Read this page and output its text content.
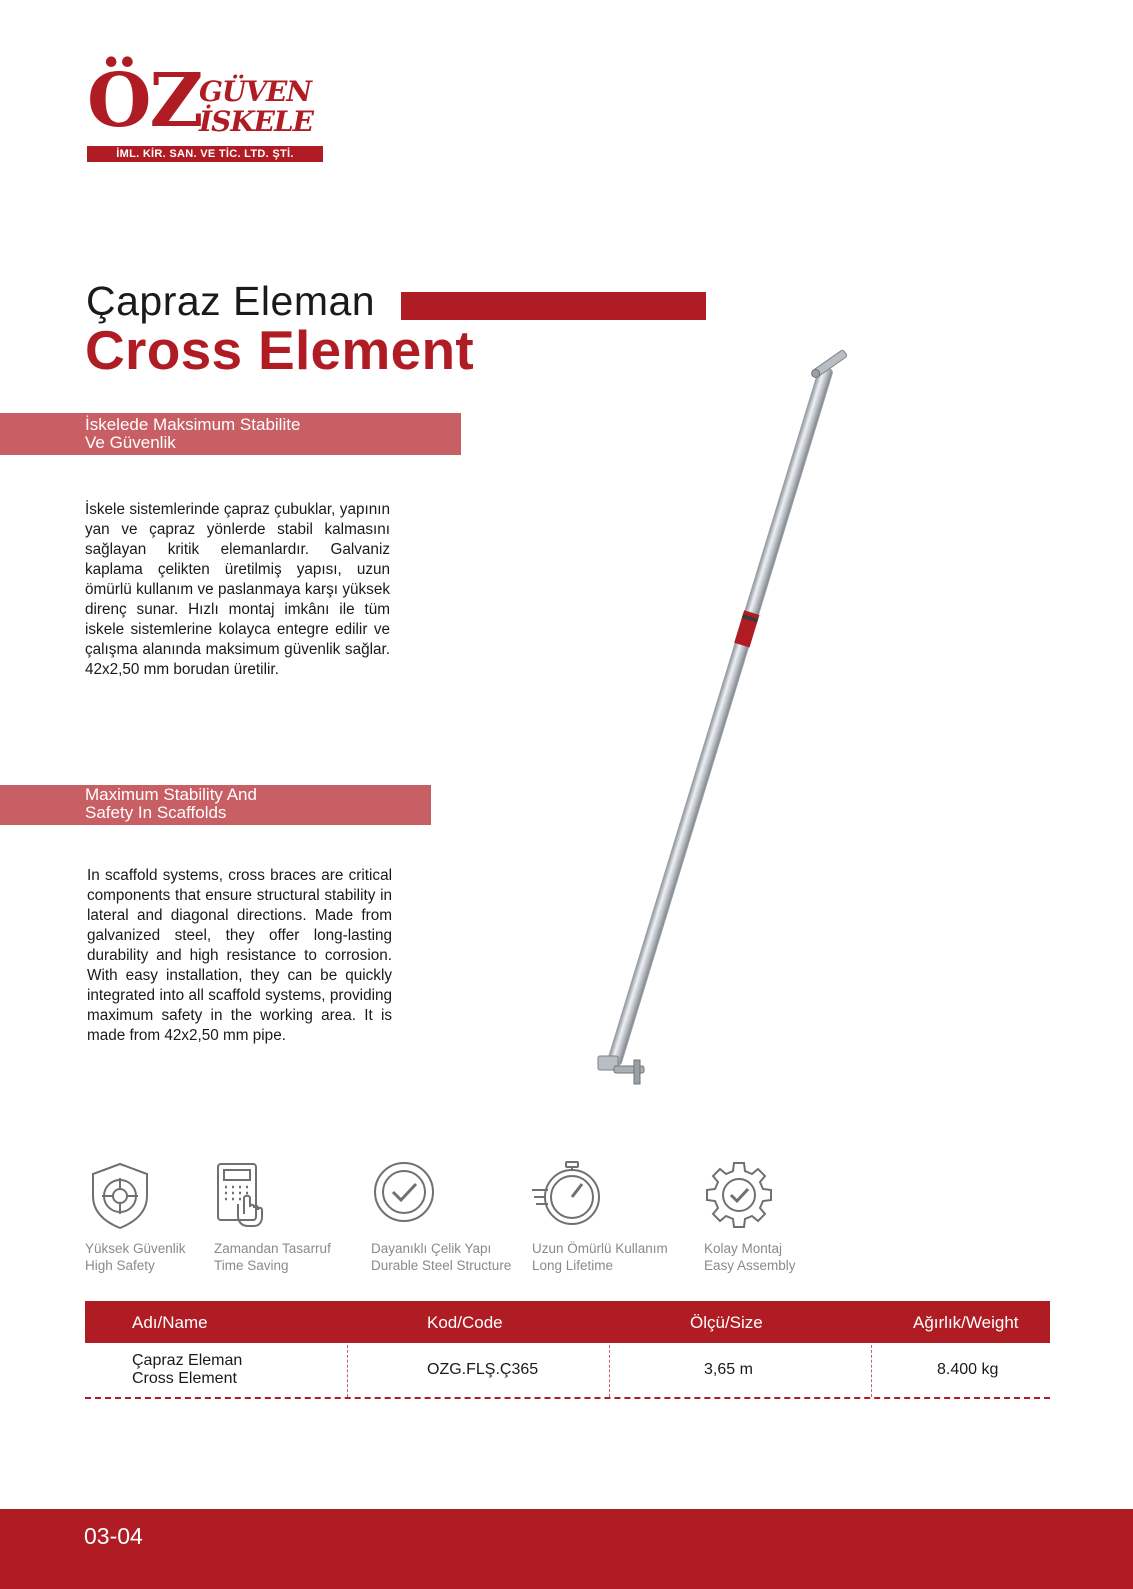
ÖZ
GÜVEN
İSKELE
İML. KİR. SAN. VE TİC. LTD. ŞTİ.
Çapraz Eleman
Cross Element
İskelede Maksimum Stabilite
Ve Güvenlik

İskele sistemlerinde çapraz çubuklar, yapının yan ve çapraz yönlerde stabil kalmasını sağlayan kritik elemanlardır. Galvaniz kaplama çelikten üretilmiş yapısı, uzun ömürlü kullanım ve paslanmaya karşı yüksek direnç sunar. Hızlı montaj imkânı ile tüm iskele sistemlerine kolayca entegre edilir ve çalışma alanında maksimum güvenlik sağlar. 42x2,50 mm borudan üretilir.

Maximum Stability And
Safety In Scaffolds

In scaffold systems, cross braces are critical components that ensure structural stability in lateral and diagonal directions. Made from galvanized steel, they offer long-lasting durability and high resistance to corrosion. With easy installation, they can be quickly integrated into all scaffold systems, providing maximum safety in the working area. It is made from 42x2,50 mm pipe.

Yüksek Güvenlik
High Safety
Zamandan Tasarruf
Time Saving
Dayanıklı Çelik Yapı
Durable Steel Structure
Uzun Ömürlü Kullanım
Long Lifetime
Kolay Montaj
Easy Assembly
Adı/Name	Kod/Code	Ölçü/Size	Ağırlık/Weight
Çapraz Eleman
Cross Element
OZG.FLŞ.Ç365	3,65 m	8.400 kg
03-04
